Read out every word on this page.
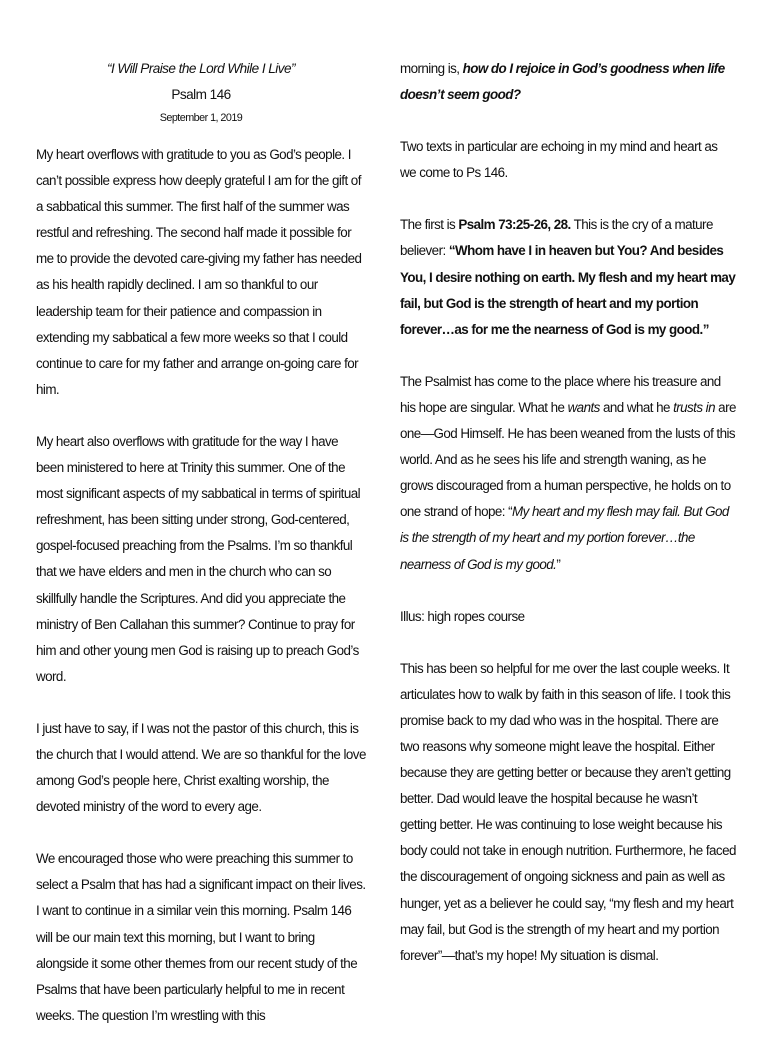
“I Will Praise the Lord While I Live”
Psalm 146
September 1, 2019

My heart overflows with gratitude to you as God’s people. I can’t possible express how deeply grateful I am for the gift of a sabbatical this summer. The first half of the summer was restful and refreshing. The second half made it possible for me to provide the devoted care-giving my father has needed as his health rapidly declined. I am so thankful to our leadership team for their patience and compassion in extending my sabbatical a few more weeks so that I could continue to care for my father and arrange on-going care for him.

My heart also overflows with gratitude for the way I have been ministered to here at Trinity this summer. One of the most significant aspects of my sabbatical in terms of spiritual refreshment, has been sitting under strong, God-centered, gospel-focused preaching from the Psalms. I’m so thankful that we have elders and men in the church who can so skillfully handle the Scriptures. And did you appreciate the ministry of Ben Callahan this summer? Continue to pray for him and other young men God is raising up to preach God’s word.

I just have to say, if I was not the pastor of this church, this is the church that I would attend. We are so thankful for the love among God’s people here, Christ exalting worship, the devoted ministry of the word to every age.

We encouraged those who were preaching this summer to select a Psalm that has had a significant impact on their lives. I want to continue in a similar vein this morning. Psalm 146 will be our main text this morning, but I want to bring alongside it some other themes from our recent study of the Psalms that have been particularly helpful to me in recent weeks. The question I’m wrestling with this

morning is, how do I rejoice in God’s goodness when life doesn’t seem good?

Two texts in particular are echoing in my mind and heart as we come to Ps 146.

The first is Psalm 73:25-26, 28. This is the cry of a mature believer: “Whom have I in heaven but You? And besides You, I desire nothing on earth. My flesh and my heart may fail, but God is the strength of heart and my portion forever…as for me the nearness of God is my good.”

The Psalmist has come to the place where his treasure and his hope are singular. What he wants and what he trusts in are one—God Himself. He has been weaned from the lusts of this world. And as he sees his life and strength waning, as he grows discouraged from a human perspective, he holds on to one strand of hope: “My heart and my flesh may fail. But God is the strength of my heart and my portion forever…the nearness of God is my good.”

Illus: high ropes course

This has been so helpful for me over the last couple weeks. It articulates how to walk by faith in this season of life. I took this promise back to my dad who was in the hospital. There are two reasons why someone might leave the hospital. Either because they are getting better or because they aren’t getting better. Dad would leave the hospital because he wasn’t getting better. He was continuing to lose weight because his body could not take in enough nutrition. Furthermore, he faced the discouragement of ongoing sickness and pain as well as hunger, yet as a believer he could say, “my flesh and my heart may fail, but God is the strength of my heart and my portion forever”—that’s my hope! My situation is dismal.
